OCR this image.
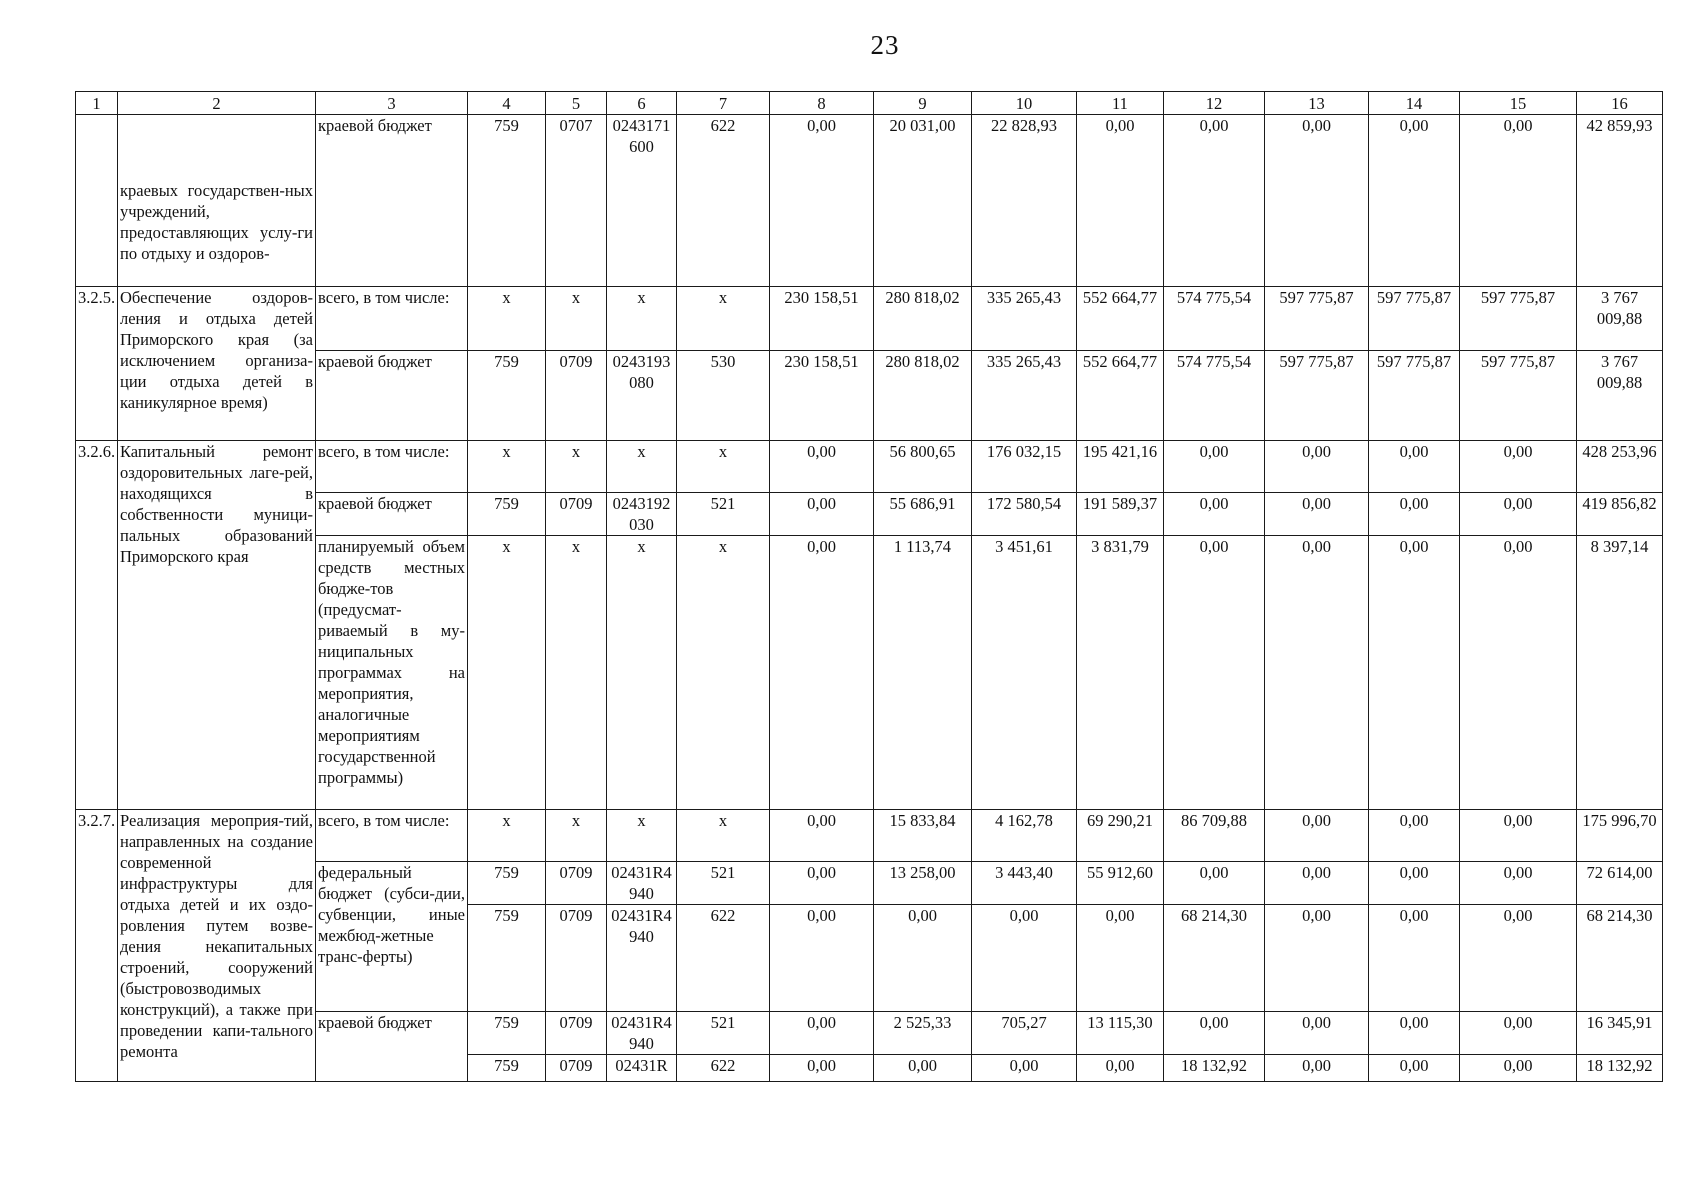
23
1	2	3	4	5	6	7	8	9	10	11	12	13	14	15	16

	краевых государствен-ных учреждений, предоставляющих услу-ги по отдыху и оздоров-	краевой бюджет	759	0707	0243171600	622	0,00	20 031,00	22 828,93	0,00	0,00	0,00	0,00	0,00	42 859,93
3.2.5.	Обеспечение оздоров-ления и отдыха детей Приморского края (за исключением организа-ции отдыха детей в каникулярное время)	всего, в том числе:	x	x	x	x	230 158,51	280 818,02	335 265,43	552 664,77	574 775,54	597 775,87	597 775,87	597 775,87	3 767 009,88
		краевой бюджет	759	0709	0243193080	530	230 158,51	280 818,02	335 265,43	552 664,77	574 775,54	597 775,87	597 775,87	597 775,87	3 767 009,88
3.2.6.	Капитальный ремонт оздоровительных лаге-рей, находящихся в собственности муници-пальных образований Приморского края	всего, в том числе:	x	x	x	x	0,00	56 800,65	176 032,15	195 421,16	0,00	0,00	0,00	0,00	428 253,96
		краевой бюджет	759	0709	0243192030	521	0,00	55 686,91	172 580,54	191 589,37	0,00	0,00	0,00	0,00	419 856,82
		планируемый объем средств местных бюдже-тов (предусмат-риваемый в му-ниципальных программах на мероприятия, аналогичные мероприятиям государственной программы)	x	x	x	x	0,00	1 113,74	3 451,61	3 831,79	0,00	0,00	0,00	0,00	8 397,14
3.2.7.	Реализация мероприя-тий, направленных на создание современной инфраструктуры для отдыха детей и их оздо-ровления путем возве-дения некапитальных строений, сооружений (быстровозводимых конструкций), а также при проведении капи-тального ремонта	всего, в том числе:	x	x	x	x	0,00	15 833,84	4 162,78	69 290,21	86 709,88	0,00	0,00	0,00	175 996,70
		федеральный бюджет (субси-дии, субвенции, иные межбюд-жетные транс-ферты)	759	0709	02431R4940	521	0,00	13 258,00	3 443,40	55 912,60	0,00	0,00	0,00	0,00	72 614,00
			759	0709	02431R4940	622	0,00	0,00	0,00	0,00	68 214,30	0,00	0,00	0,00	68 214,30
		краевой бюджет	759	0709	02431R4940	521	0,00	2 525,33	705,27	13 115,30	0,00	0,00	0,00	0,00	16 345,91
			759	0709	02431R	622	0,00	0,00	0,00	0,00	18 132,92	0,00	0,00	0,00	18 132,92
